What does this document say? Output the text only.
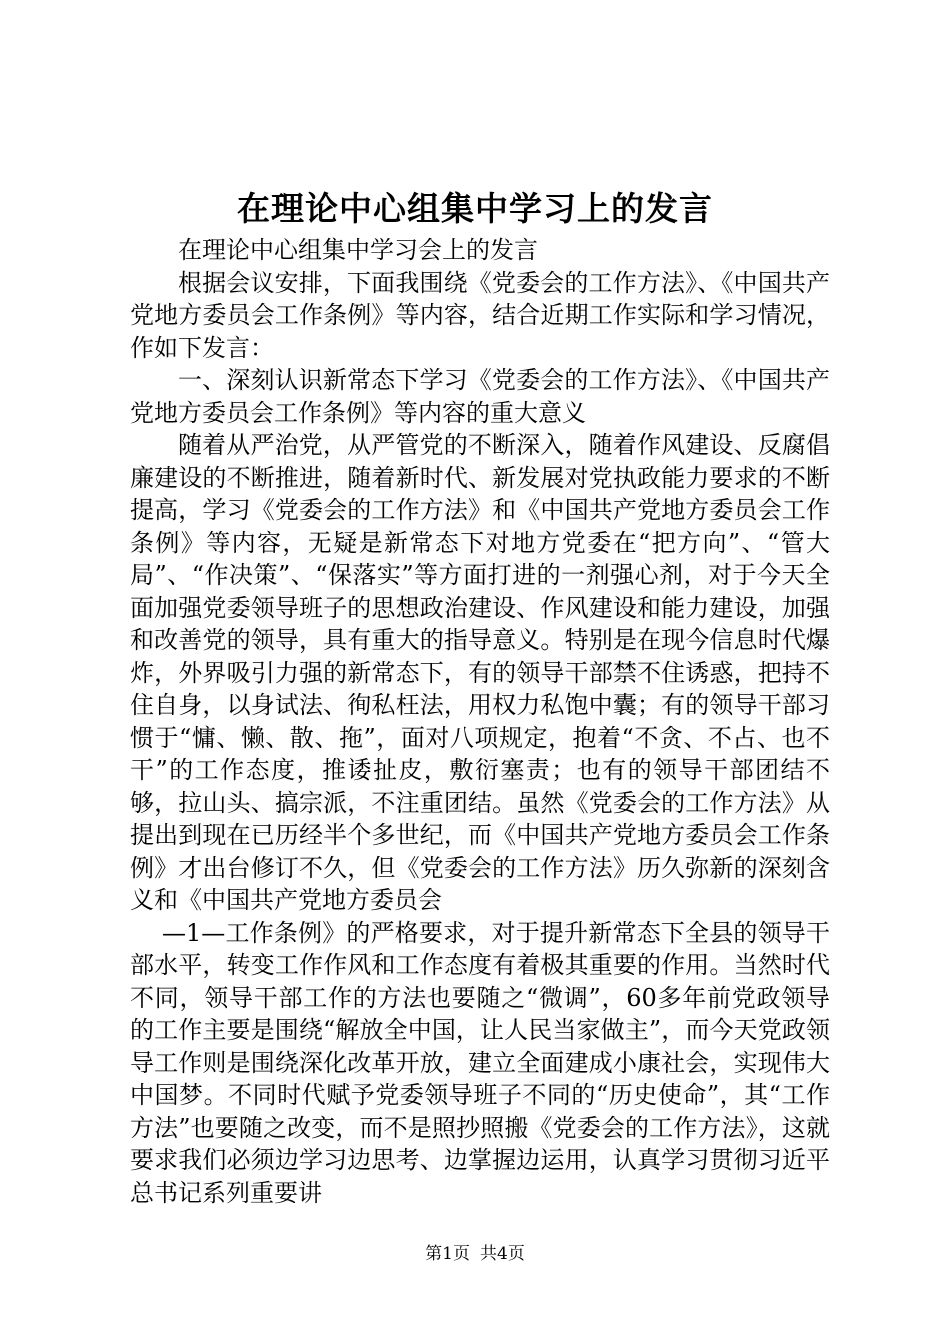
在理论中心组集中学习上的发言

在理论中心组集中学习会上的发言

根据会议安排，下面我围绕《党委会的工作方法》、《中国共产党地方委员会工作条例》等内容，结合近期工作实际和学习情况，作如下发言：

一、深刻认识新常态下学习《党委会的工作方法》、《中国共产党地方委员会工作条例》等内容的重大意义

随着从严治党，从严管党的不断深入，随着作风建设、反腐倡廉建设的不断推进，随着新时代、新发展对党执政能力要求的不断提高，学习《党委会的工作方法》和《中国共产党地方委员会工作条例》等内容，无疑是新常态下对地方党委在“把方向”、“管大局”、“作决策”、“保落实”等方面打进的一剂强心剂，对于今天全面加强党委领导班子的思想政治建设、作风建设和能力建设，加强和改善党的领导，具有重大的指导意义。特别是在现今信息时代爆炸，外界吸引力强的新常态下，有的领导干部禁不住诱惑，把持不住自身，以身试法、徇私枉法，用权力私饱中囊；有的领导干部习惯于“慵、懒、散、拖”，面对八项规定，抱着“不贪、不占、也不干”的工作态度，推诿扯皮，敷衍塞责；也有的领导干部团结不够，拉山头、搞宗派，不注重团结。虽然《党委会的工作方法》从提出到现在已历经半个多世纪，而《中国共产党地方委员会工作条例》才出台修订不久，但《党委会的工作方法》历久弥新的深刻含义和《中国共产党地方委员会

—1—工作条例》的严格要求，对于提升新常态下全县的领导干部水平，转变工作作风和工作态度有着极其重要的作用。当然时代不同，领导干部工作的方法也要随之“微调”，60多年前党政领导的工作主要是围绕“解放全中国，让人民当家做主”，而今天党政领导工作则是围绕深化改革开放，建立全面建成小康社会，实现伟大中国梦。不同时代赋予党委领导班子不同的“历史使命”，其“工作方法”也要随之改变，而不是照抄照搬《党委会的工作方法》，这就要求我们必须边学习边思考、边掌握边运用，认真学习贯彻习近平总书记系列重要讲

第1页 共4页
